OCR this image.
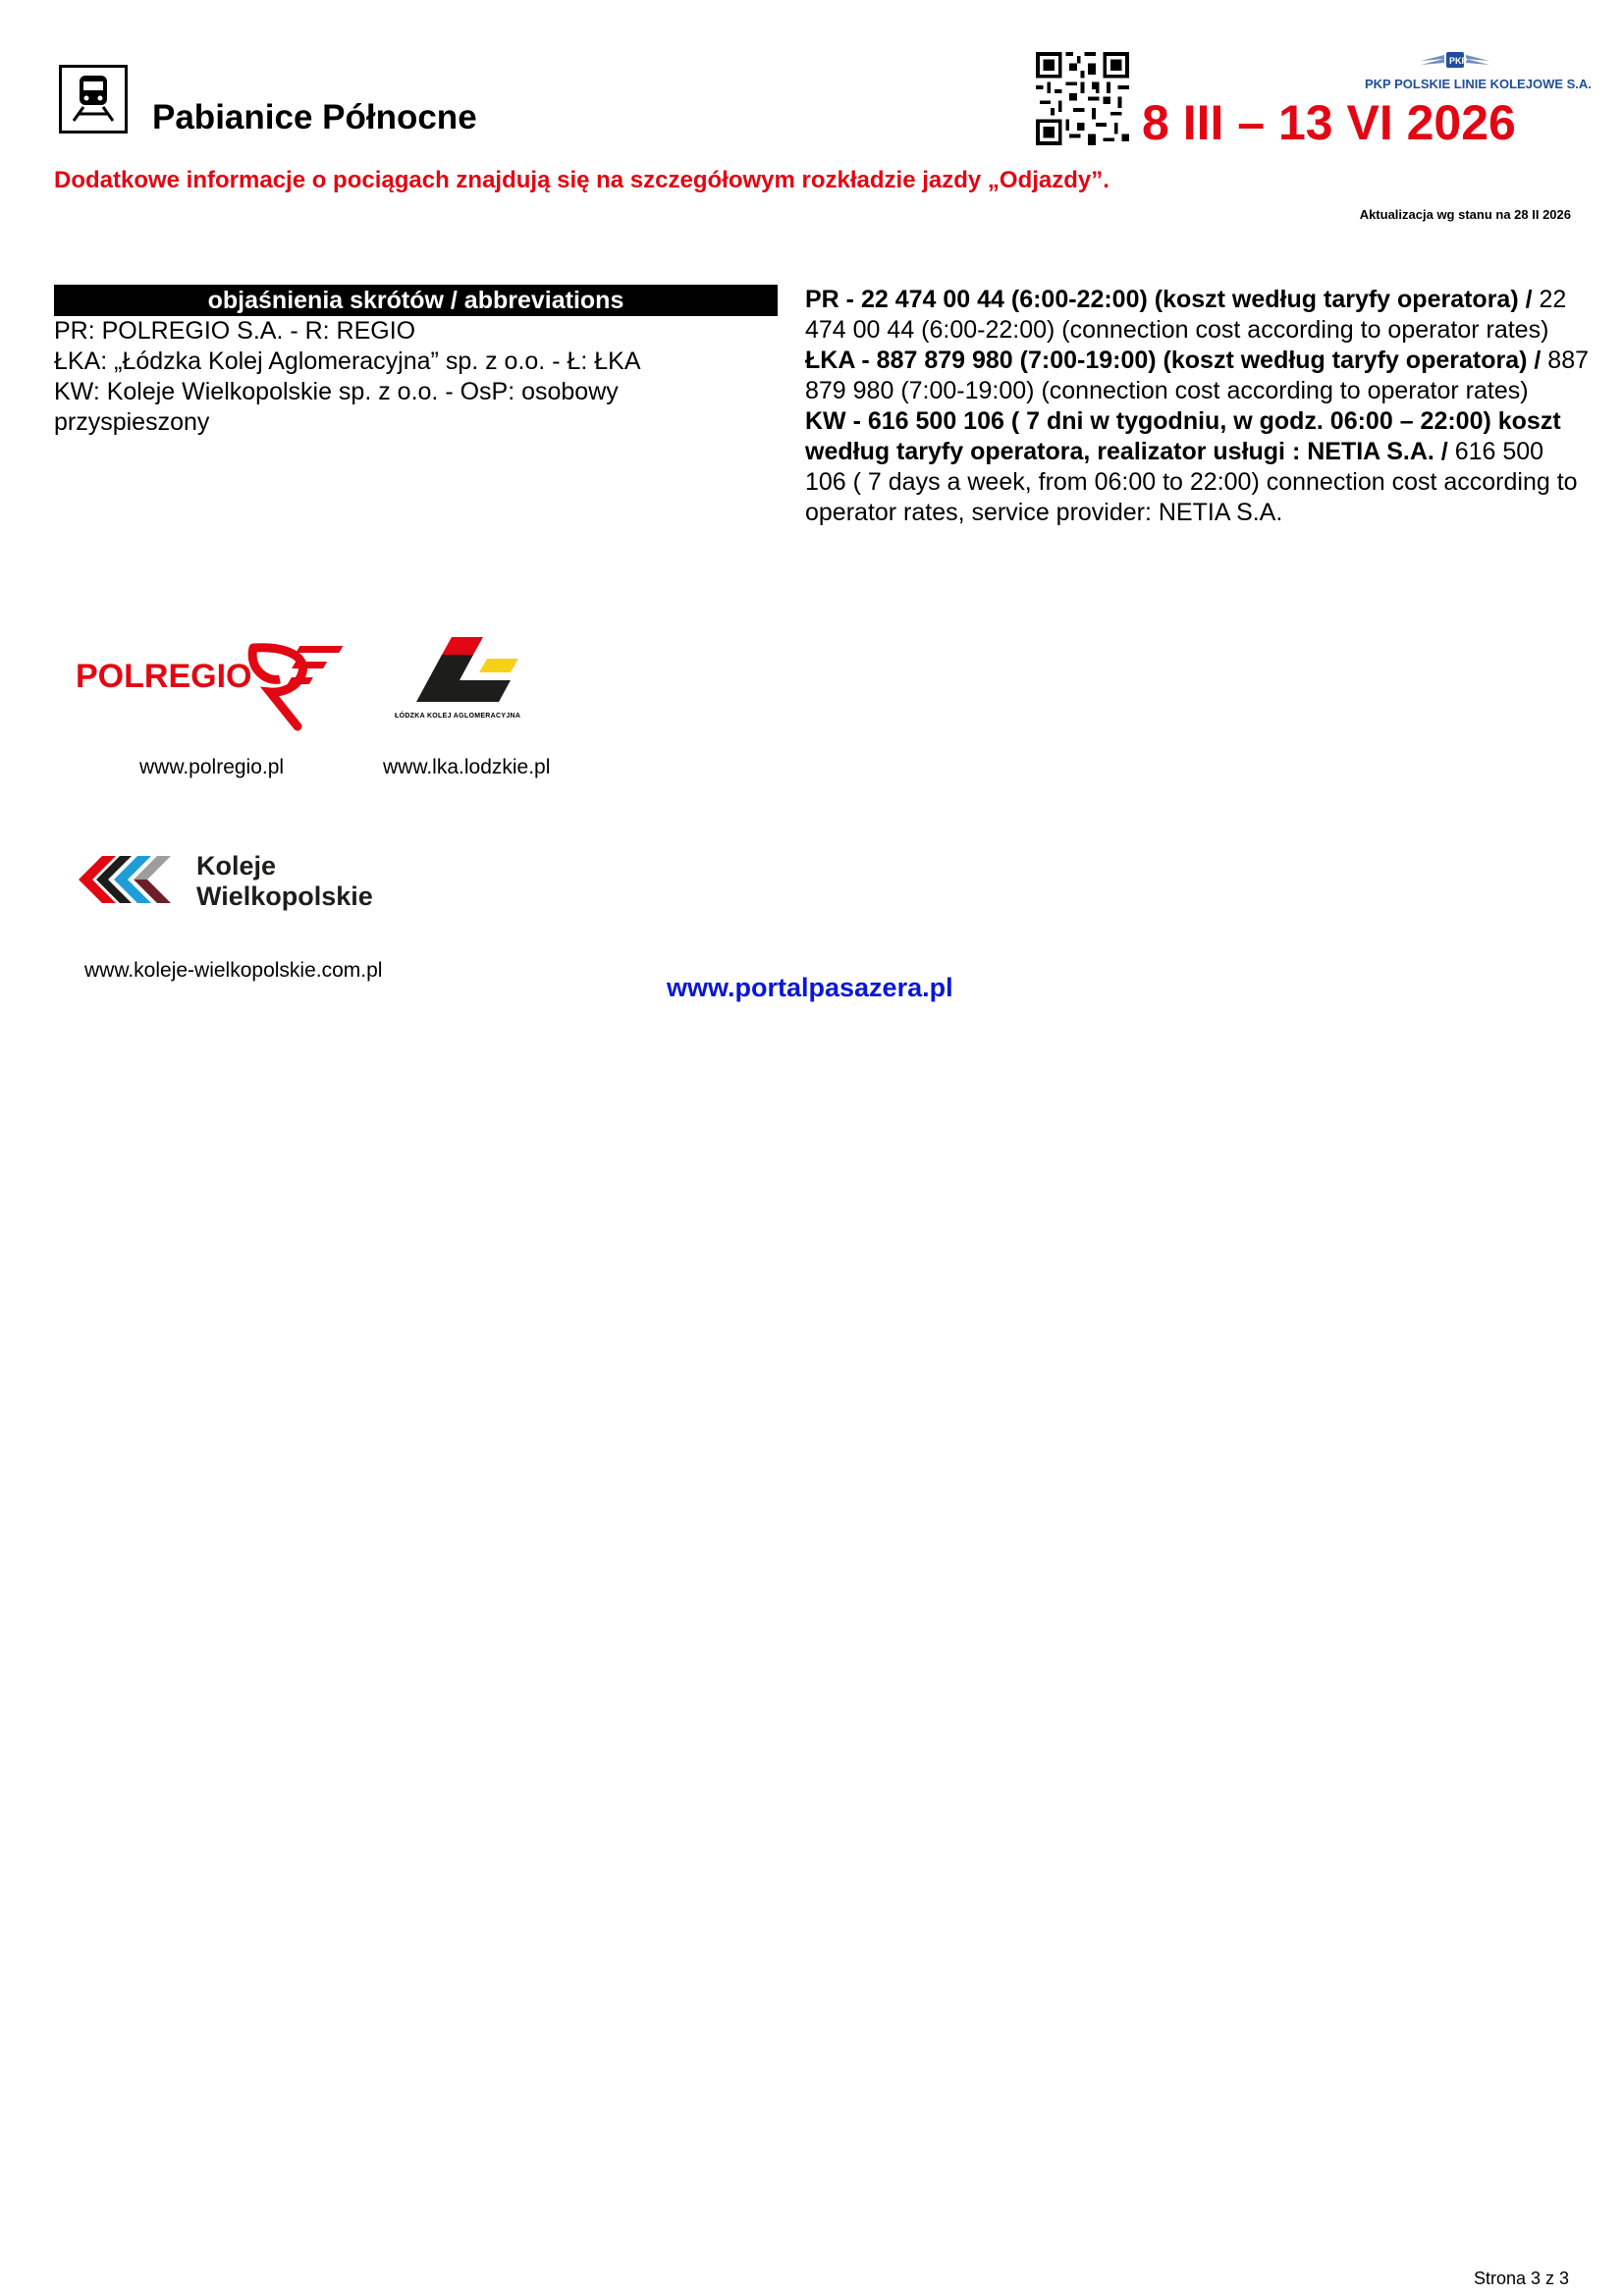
Pabianice Północne
PKP
PKP POLSKIE LINIE KOLEJOWE S.A.
8 III – 13 VI 2026
Dodatkowe informacje o pociągach znajdują się na szczegółowym rozkładzie jazdy „Odjazdy”.
Aktualizacja wg stanu na 28 II 2026
objaśnienia skrótów / abbreviations
PR: POLREGIO S.A. - R: REGIO
ŁKA: „Łódzka Kolej Aglomeracyjna” sp. z o.o. - Ł: ŁKA
KW: Koleje Wielkopolskie sp. z o.o. - OsP: osobowy przyspieszony
PR - 22 474 00 44 (6:00-22:00) (koszt według taryfy operatora) / 22 474 00 44 (6:00-22:00) (connection cost according to operator rates)
ŁKA - 887 879 980 (7:00-19:00) (koszt według taryfy operatora) / 887 879 980 (7:00-19:00) (connection cost according to operator rates)
KW - 616 500 106 ( 7 dni w tygodniu, w godz. 06:00 – 22:00) koszt według taryfy operatora, realizator usługi : NETIA S.A. / 616 500 106 ( 7 days a week, from 06:00 to 22:00) connection cost according to operator rates, service provider: NETIA S.A.
POLREGIO
ŁÓDZKA KOLEJ AGLOMERACYJNA
www.polregio.pl	www.lka.lodzkie.pl
Koleje
Wielkopolskie
www.koleje-wielkopolskie.com.pl
www.portalpasazera.pl
Strona 3 z 3
